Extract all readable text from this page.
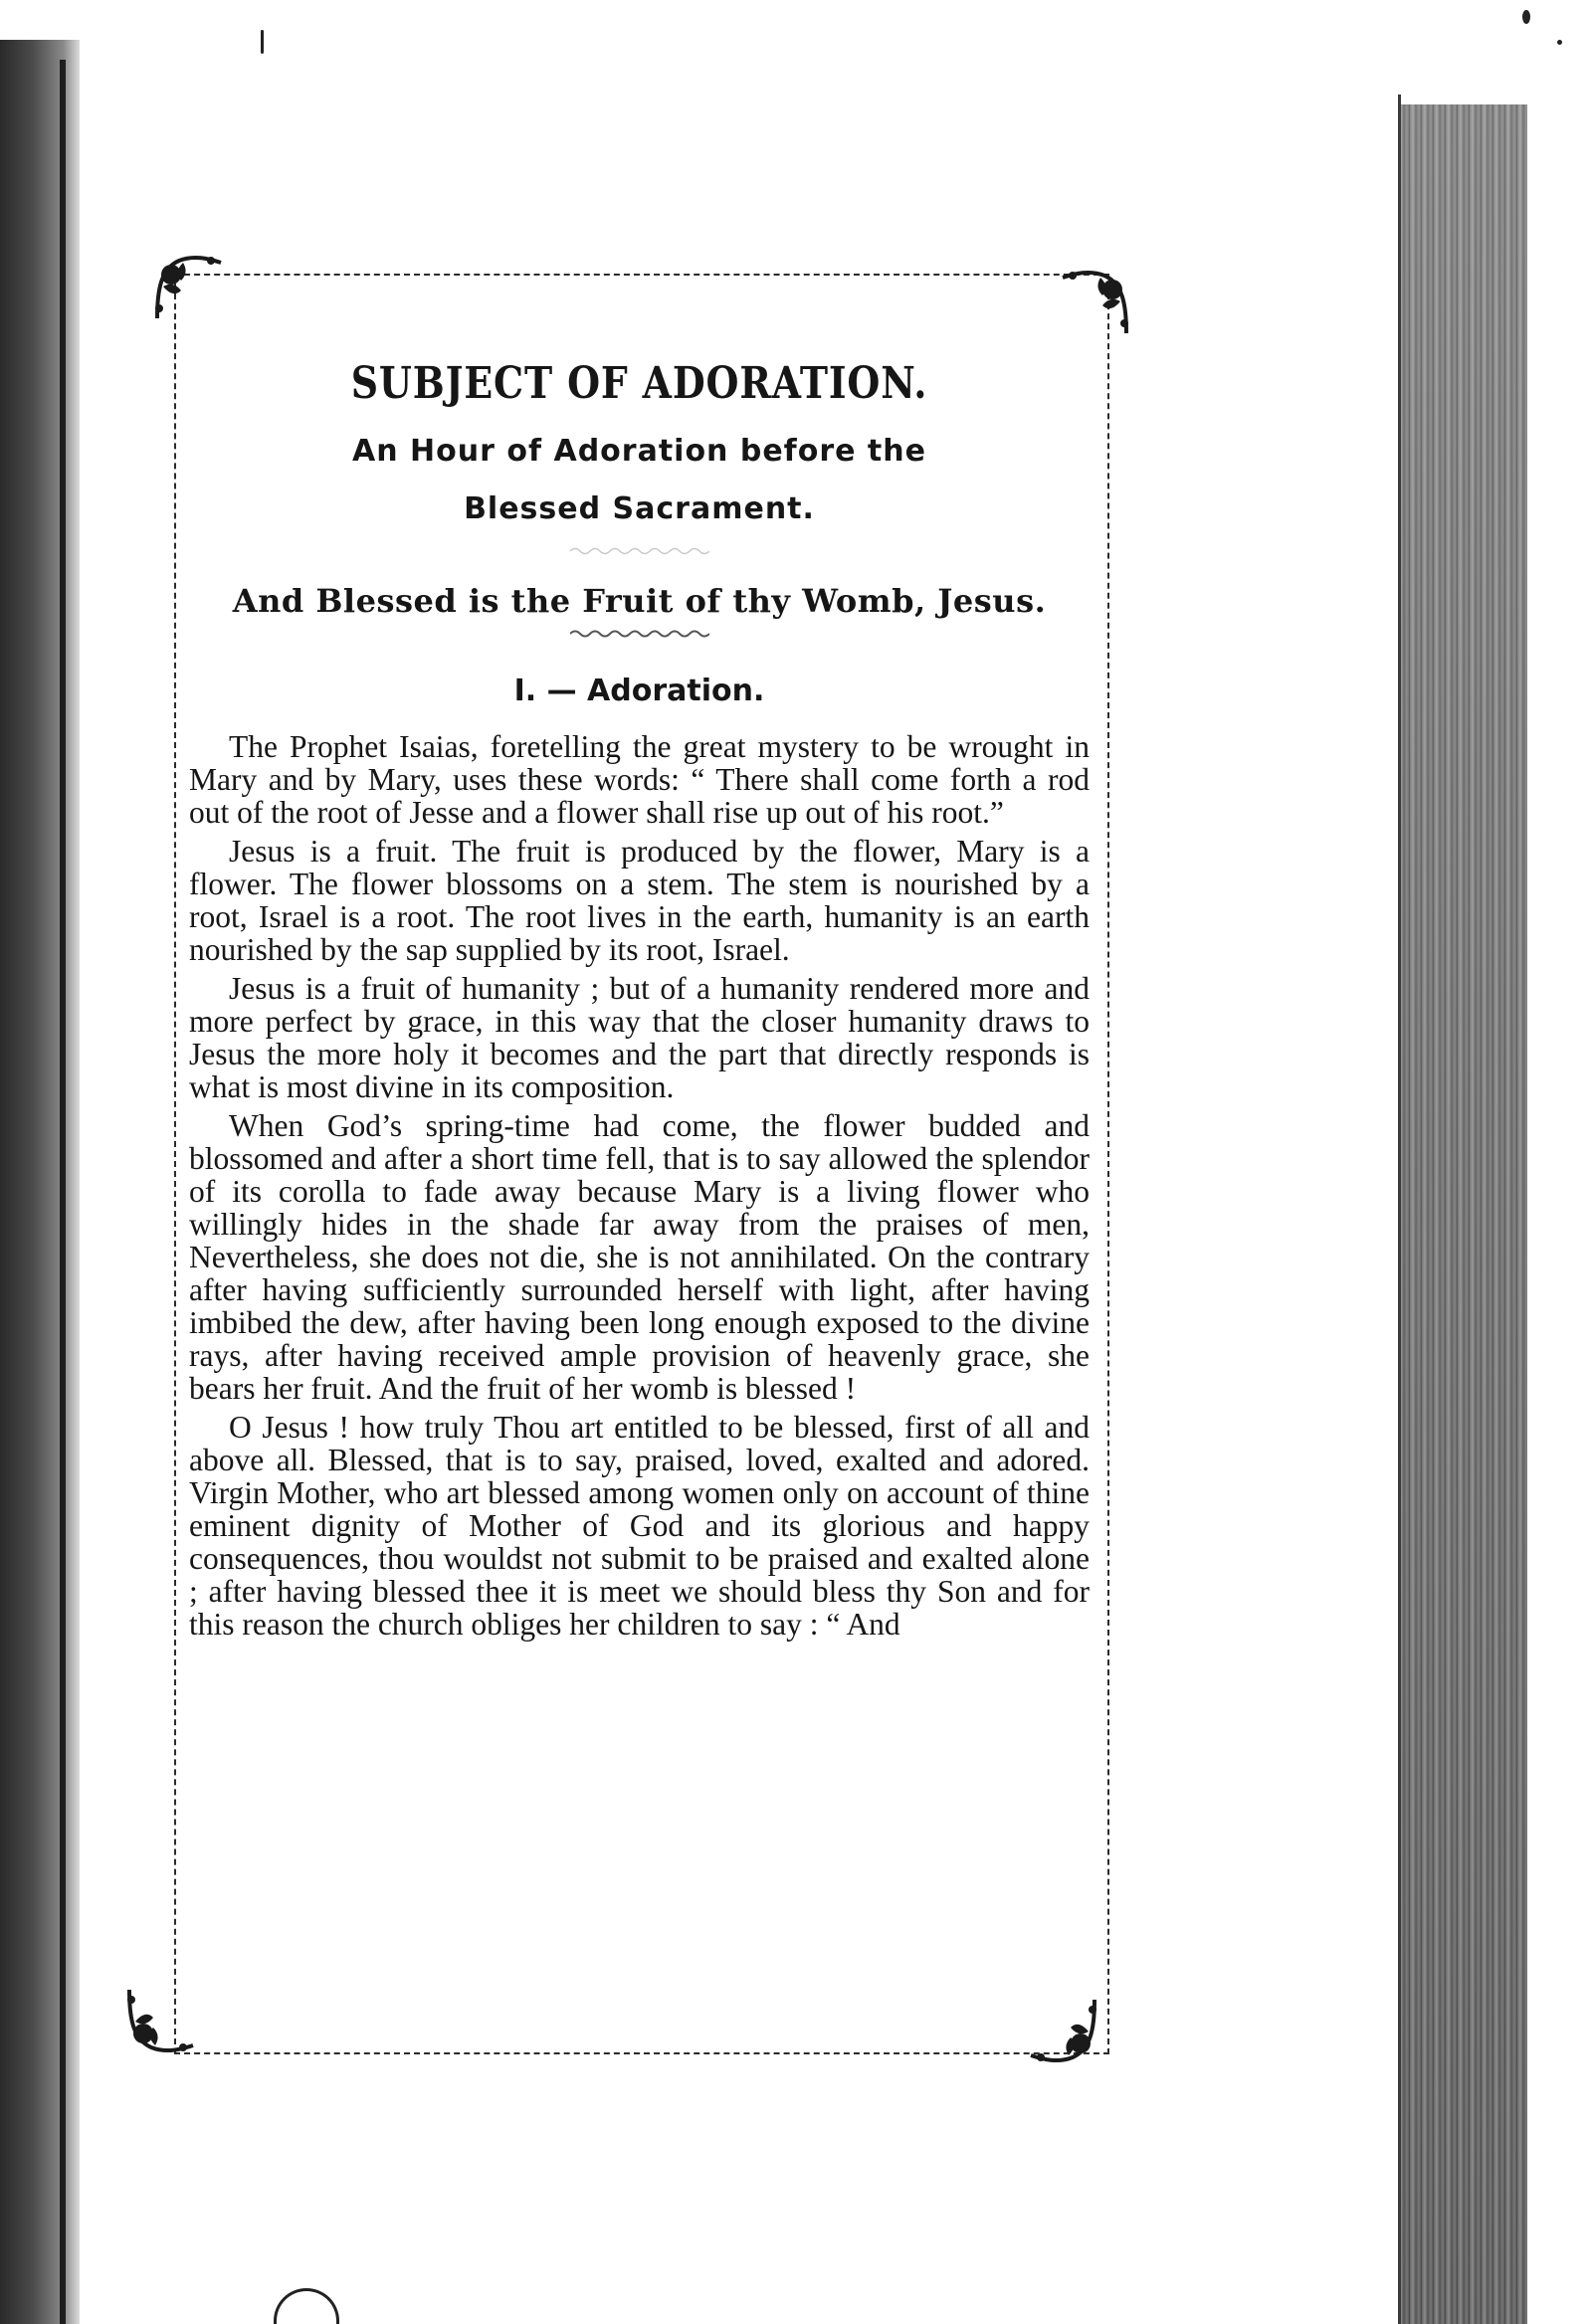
SUBJECT OF ADORATION.

An Hour of Adoration before the

Blessed Sacrament.

And Blessed is the Fruit of thy Womb, Jesus.

I. — Adoration.

The Prophet Isaias, foretelling the great mystery to be wrought in Mary and by Mary, uses these words: “ There shall come forth a rod out of the root of Jesse and a flower shall rise up out of his root.”

Jesus is a fruit. The fruit is produced by the flower, Mary is a flower. The flower blossoms on a stem. The stem is nourished by a root, Israel is a root. The root lives in the earth, humanity is an earth nourished by the sap supplied by its root, Israel.

Jesus is a fruit of humanity ; but of a humanity rendered more and more perfect by grace, in this way that the closer humanity draws to Jesus the more holy it becomes and the part that directly responds is what is most divine in its composition.

When God’s spring-time had come, the flower budded and blossomed and after a short time fell, that is to say allowed the splendor of its corolla to fade away because Mary is a living flower who willingly hides in the shade far away from the praises of men, Nevertheless, she does not die, she is not annihilated. On the contrary after having sufficiently surrounded herself with light, after having imbibed the dew, after having been long enough exposed to the divine rays, after having received ample provision of heavenly grace, she bears her fruit. And the fruit of her womb is blessed !

O Jesus ! how truly Thou art entitled to be blessed, first of all and above all. Blessed, that is to say, praised, loved, exalted and adored. Virgin Mother, who art blessed among women only on account of thine eminent dignity of Mother of God and its glorious and happy consequences, thou wouldst not submit to be praised and exalted alone ; after having blessed thee it is meet we should bless thy Son and for this reason the church obliges her children to say : “ And
